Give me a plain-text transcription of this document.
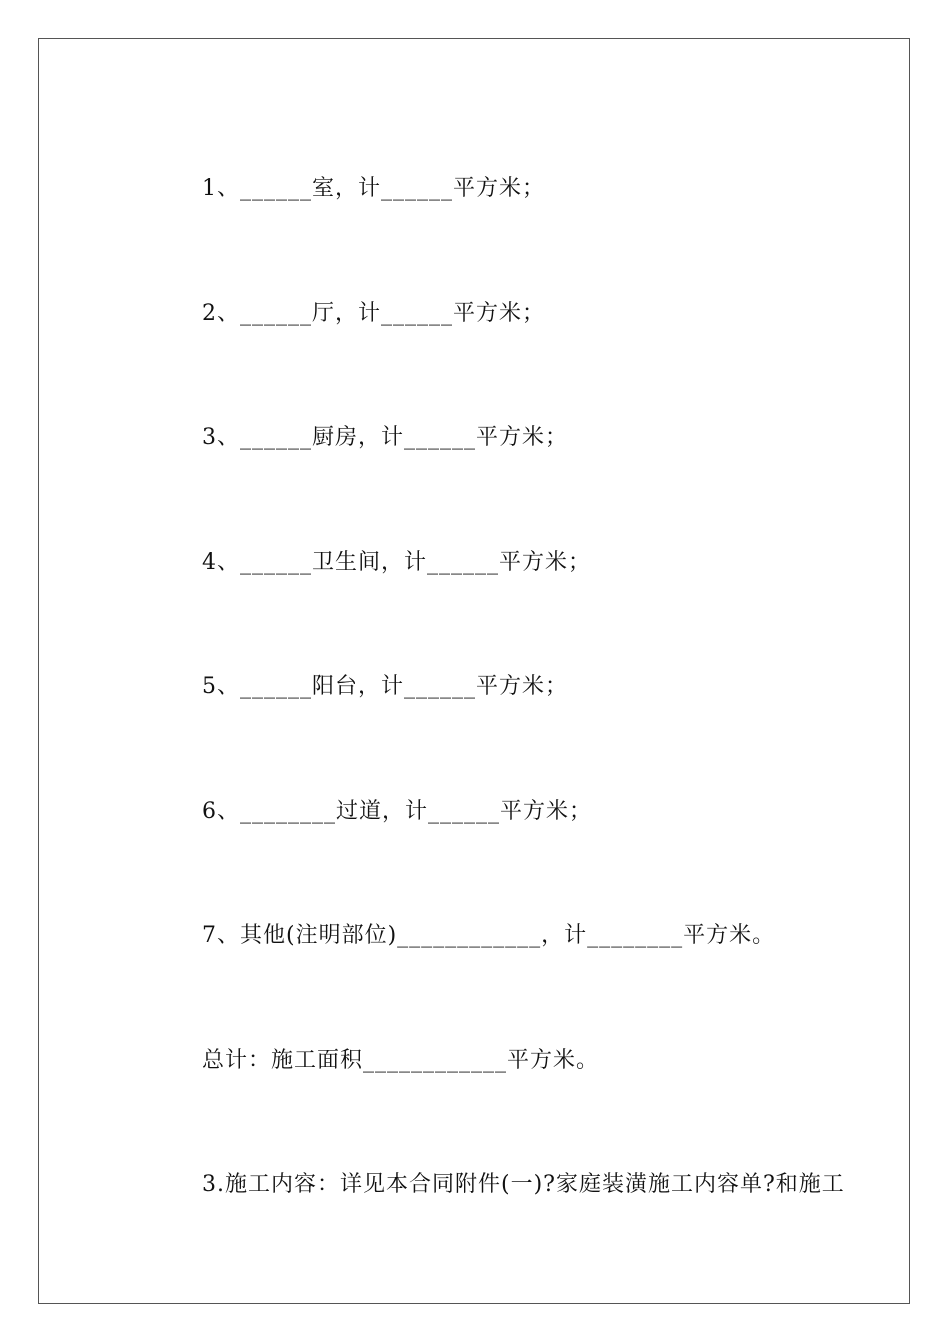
1、______室，计______平方米；
2、______厅，计______平方米；
3、______厨房，计______平方米；
4、______卫生间，计______平方米；
5、______阳台，计______平方米；
6、________过道，计______平方米；
7、其他(注明部位)____________，计________平方米。
总计：施工面积____________平方米。
3.施工内容：详见本合同附件(一)?家庭装潢施工内容单?和施工
